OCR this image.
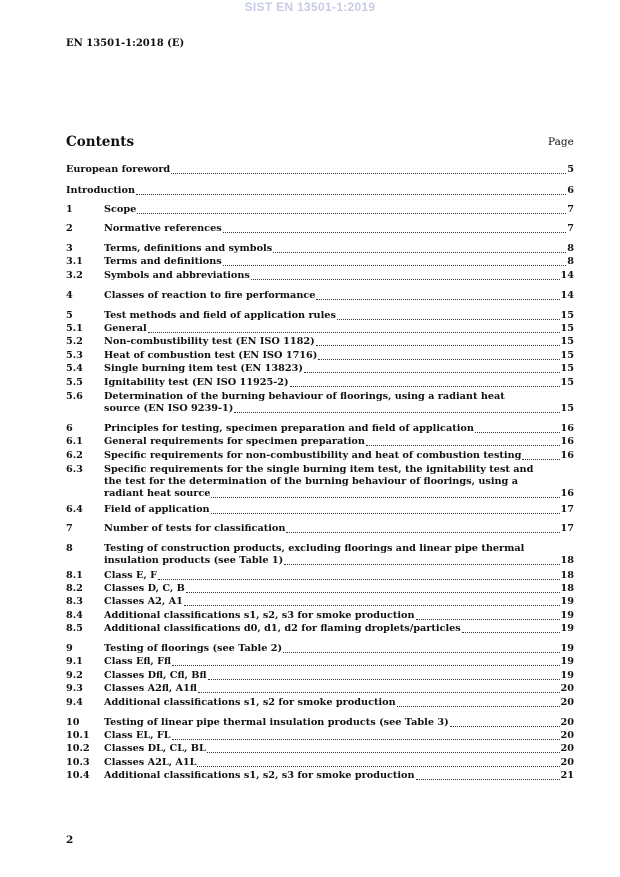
SIST EN 13501-1:2019
EN 13501-1:2018 (E)
Contents	Page
European foreword	5
Introduction	6
1	Scope	7
2	Normative references	7
3	Terms, definitions and symbols	8
3.1 Terms and definitions	8
3.2 Symbols and abbreviations	14
4	Classes of reaction to fire performance	14
5	Test methods and field of application rules	15
5.1 General	15
5.2 Non-combustibility test (EN ISO 1182)	15
5.3 Heat of combustion test (EN ISO 1716)	15
5.4 Single burning item test (EN 13823)	15
5.5 Ignitability test (EN ISO 11925-2)	15
5.6 Determination of the burning behaviour of floorings, using a radiant heat
source (EN ISO 9239-1)	15
6	Principles for testing, specimen preparation and field of application	16
6.1 General requirements for specimen preparation	16
6.2 Specific requirements for non-combustibility and heat of combustion testing	16
6.3 Specific requirements for the single burning item test, the ignitability test and
the test for the determination of the burning behaviour of floorings, using a
radiant heat source	16
6.4 Field of application	17
7	Number of tests for classification	17
8	Testing of construction products, excluding floorings and linear pipe thermal
insulation products (see Table 1)	18
8.1 Class E, F	18
8.2 Classes D, C, B	18
8.3 Classes A2, A1	19
8.4 Additional classifications s1, s2, s3 for smoke production	19
8.5 Additional classifications d0, d1, d2 for flaming droplets/particles	19
9	Testing of floorings (see Table 2)	19
9.1 Class Efl, Ffl	19
9.2 Classes Dfl, Cfl, Bfl	19
9.3 Classes A2fl, A1fl	20
9.4 Additional classifications s1, s2 for smoke production	20
10	Testing of linear pipe thermal insulation products (see Table 3)	20
10.1 Class EL, FL	20
10.2 Classes DL, CL, BL	20
10.3 Classes A2L, A1L	20
10.4 Additional classifications s1, s2, s3 for smoke production	21
2
